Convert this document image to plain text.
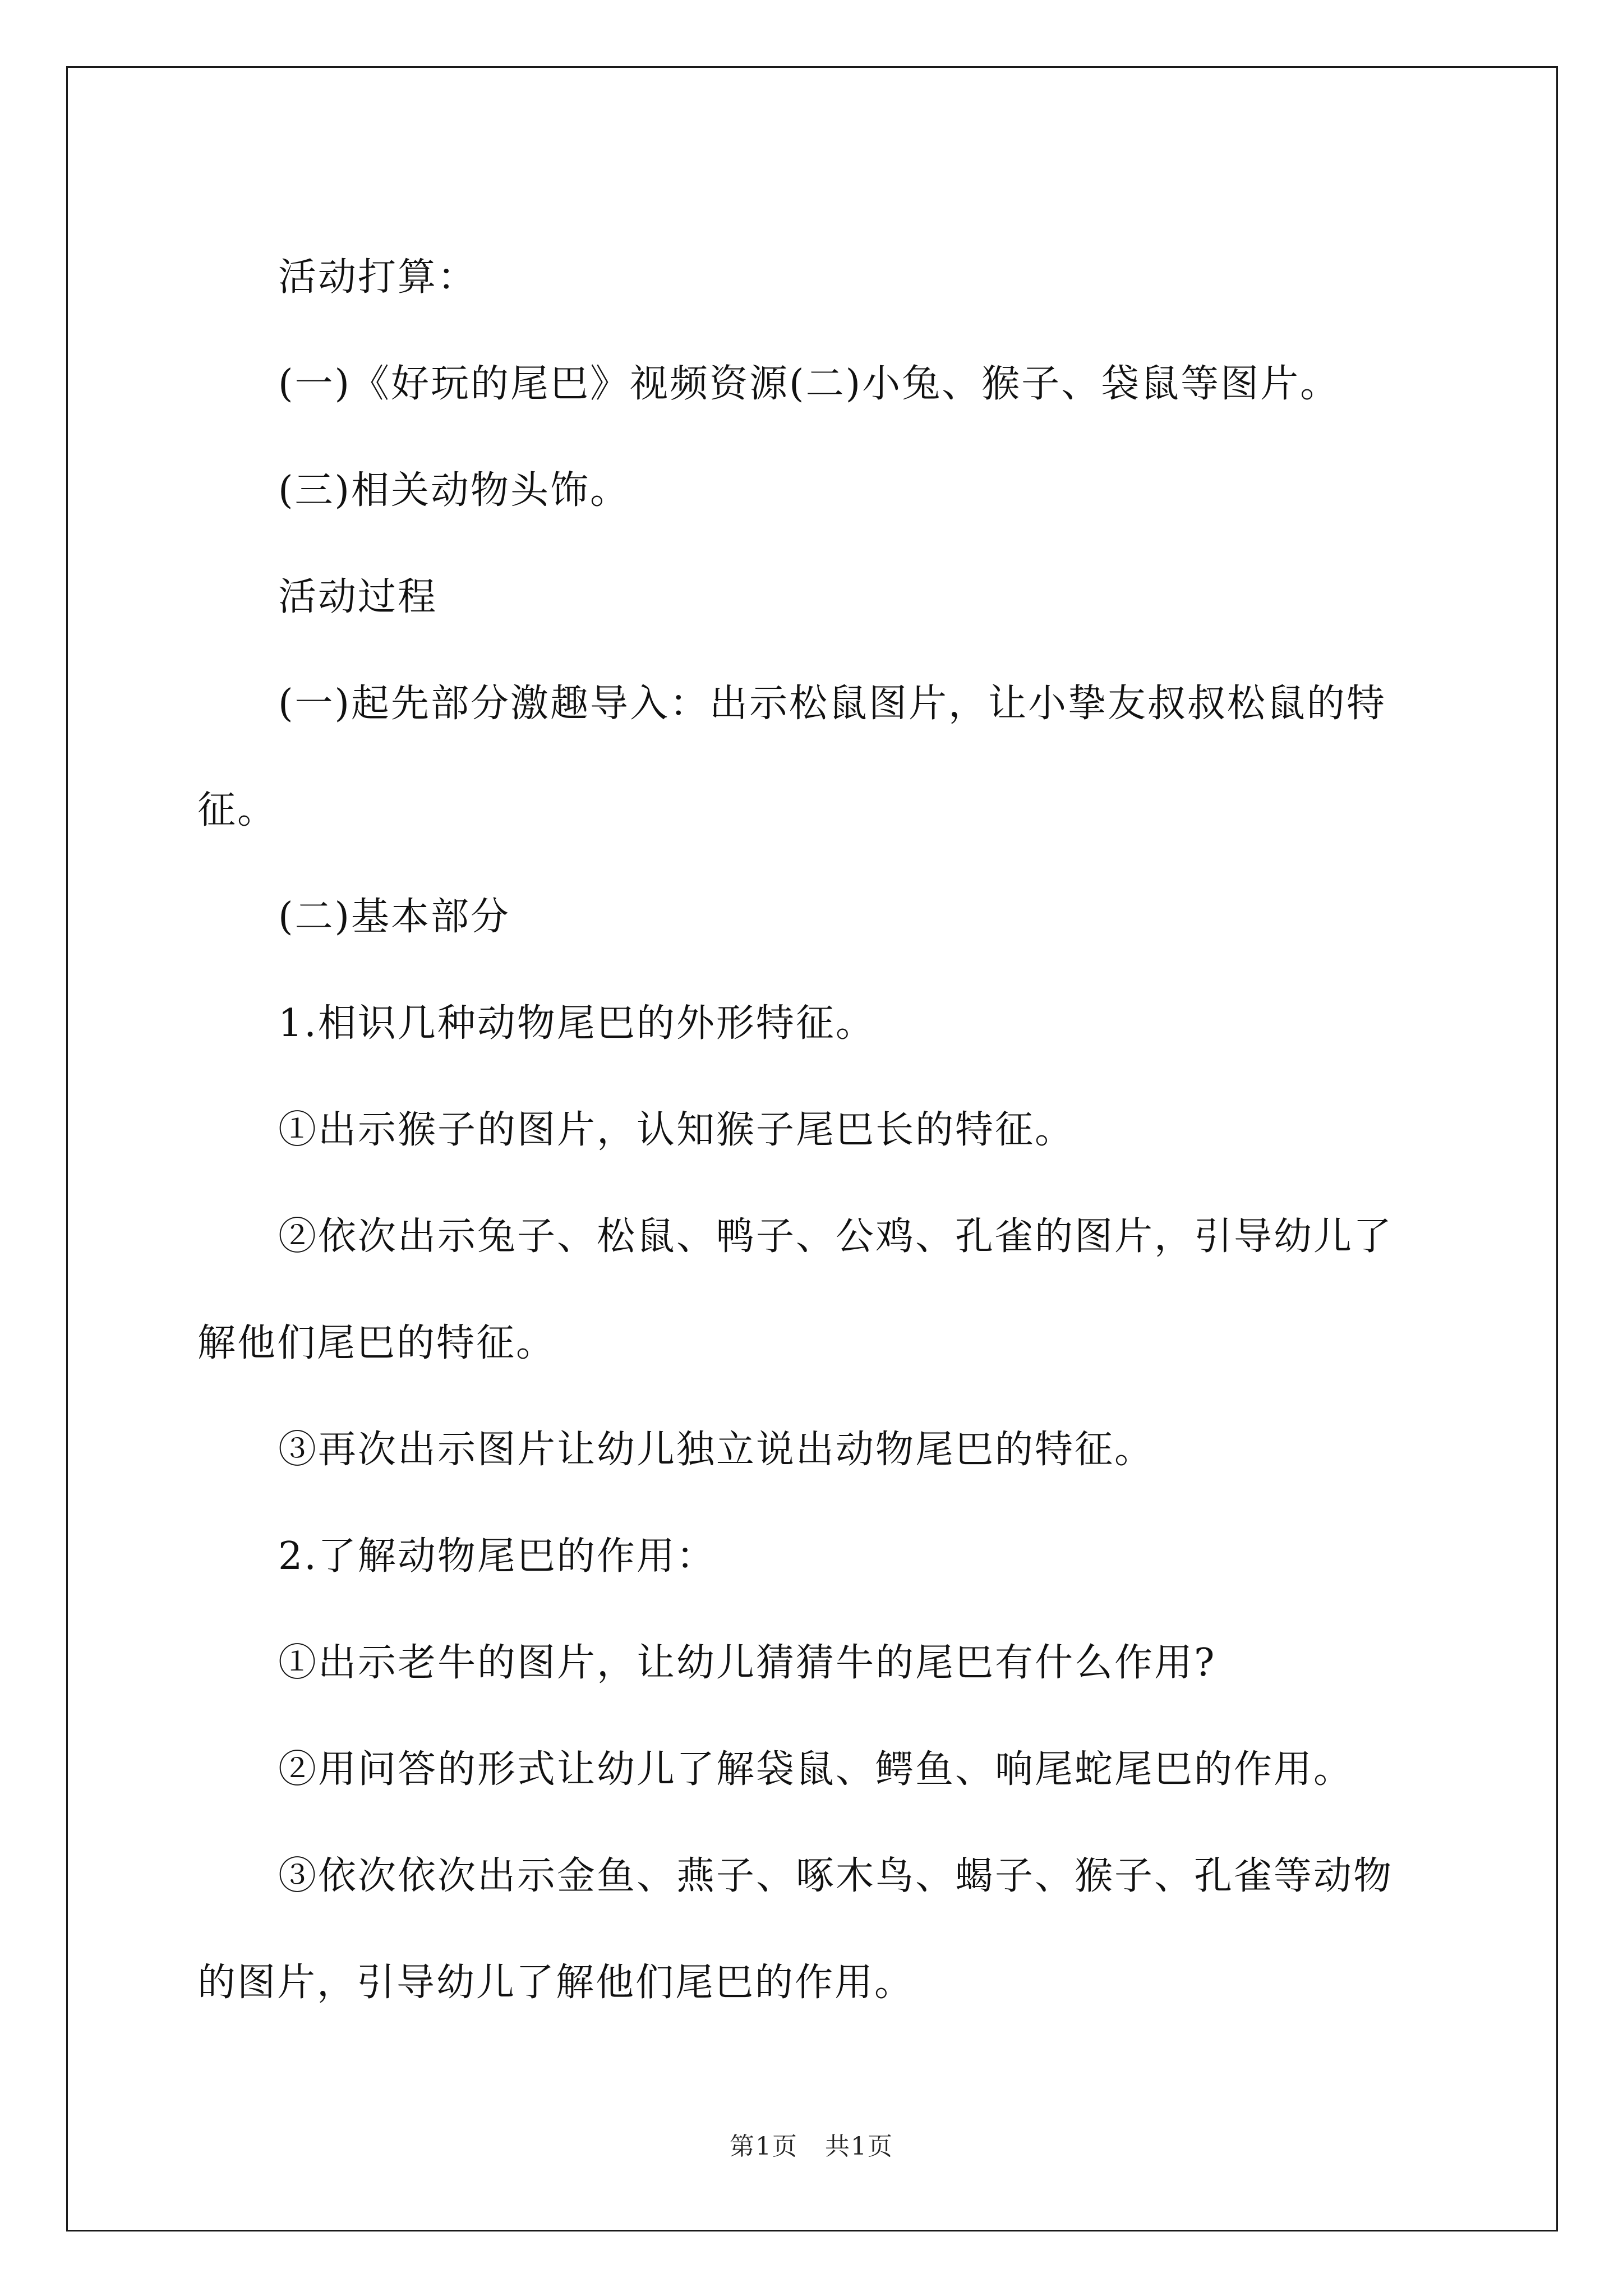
活动打算：

(一)《好玩的尾巴》视频资源(二)小兔、猴子、袋鼠等图片。

(三)相关动物头饰。

活动过程

(一)起先部分激趣导入：出示松鼠图片，让小挚友叔叔松鼠的特

征。

(二)基本部分

1.相识几种动物尾巴的外形特征。

①出示猴子的图片，认知猴子尾巴长的特征。

②依次出示兔子、松鼠、鸭子、公鸡、孔雀的图片，引导幼儿了

解他们尾巴的特征。

③再次出示图片让幼儿独立说出动物尾巴的特征。

2.了解动物尾巴的作用：

①出示老牛的图片，让幼儿猜猜牛的尾巴有什么作用?

②用问答的形式让幼儿了解袋鼠、鳄鱼、响尾蛇尾巴的作用。

③依次依次出示金鱼、燕子、啄木鸟、蝎子、猴子、孔雀等动物

的图片，引导幼儿了解他们尾巴的作用。

第1页   共1页
